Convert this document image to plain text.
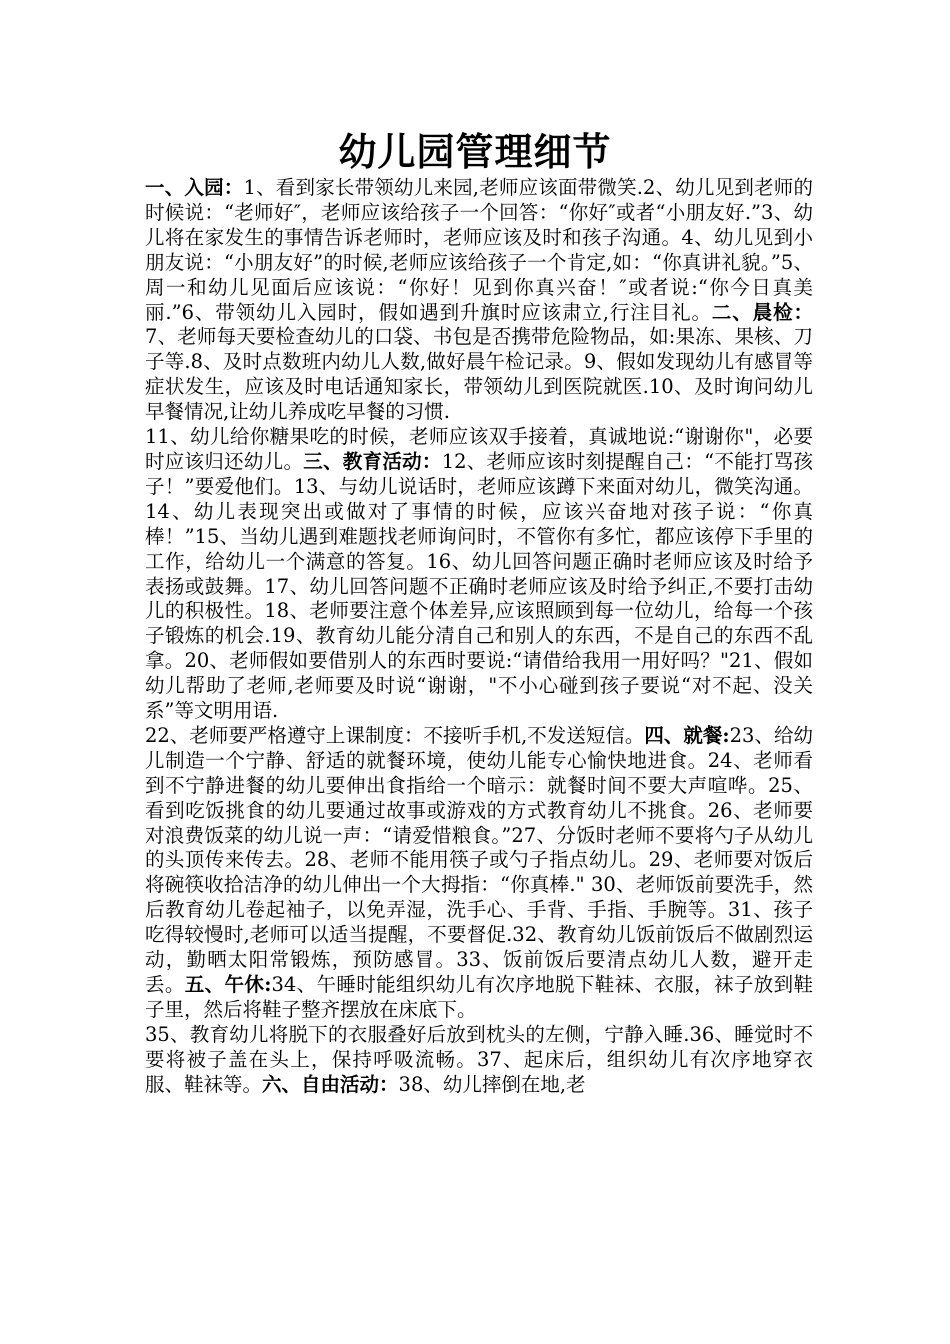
幼儿园管理细节

一、入园：1、看到家长带领幼儿来园,老师应该面带微笑.2、幼儿见到老师的时候说：“老师好″，老师应该给孩子一个回答：“你好″或者“小朋友好.”3、幼儿将在家发生的事情告诉老师时，老师应该及时和孩子沟通。4、幼儿见到小朋友说：“小朋友好”的时候,老师应该给孩子一个肯定,如：“你真讲礼貌。”5、周一和幼儿见面后应该说：“你好！见到你真兴奋！″或者说:“你今日真美丽.”6、带领幼儿入园时，假如遇到升旗时应该肃立,行注目礼。二、晨检：7、老师每天要检查幼儿的口袋、书包是否携带危险物品，如:果冻、果核、刀子等.8、及时点数班内幼儿人数,做好晨午检记录。9、假如发现幼儿有感冒等症状发生，应该及时电话通知家长，带领幼儿到医院就医.10、及时询问幼儿早餐情况,让幼儿养成吃早餐的习惯.

11、幼儿给你糖果吃的时候，老师应该双手接着，真诚地说:“谢谢你"，必要时应该归还幼儿。三、教育活动：12、老师应该时刻提醒自己：“不能打骂孩子！”要爱他们。13、与幼儿说话时，老师应该蹲下来面对幼儿，微笑沟通。14、幼儿表现突出或做对了事情的时候，应该兴奋地对孩子说：“你真棒！”15、当幼儿遇到难题找老师询问时，不管你有多忙，都应该停下手里的工作，给幼儿一个满意的答复。16、幼儿回答问题正确时老师应该及时给予表扬或鼓舞。17、幼儿回答问题不正确时老师应该及时给予纠正,不要打击幼儿的积极性。18、老师要注意个体差异,应该照顾到每一位幼儿，给每一个孩子锻炼的机会.19、教育幼儿能分清自己和别人的东西，不是自己的东西不乱拿。20、老师假如要借别人的东西时要说:“请借给我用一用好吗？"21、假如幼儿帮助了老师,老师要及时说“谢谢，"不小心碰到孩子要说“对不起、没关系”等文明用语.

22、老师要严格遵守上课制度：不接听手机,不发送短信。四、就餐:23、给幼儿制造一个宁静、舒适的就餐环境，使幼儿能专心愉快地进食。24、老师看到不宁静进餐的幼儿要伸出食指给一个暗示：就餐时间不要大声喧哗。25、看到吃饭挑食的幼儿要通过故事或游戏的方式教育幼儿不挑食。26、老师要对浪费饭菜的幼儿说一声：“请爱惜粮食。”27、分饭时老师不要将勺子从幼儿的头顶传来传去。28、老师不能用筷子或勺子指点幼儿。29、老师要对饭后将碗筷收拾洁净的幼儿伸出一个大拇指：“你真棒." 30、老师饭前要洗手，然后教育幼儿卷起袖子，以免弄湿，洗手心、手背、手指、手腕等。31、孩子吃得较慢时,老师可以适当提醒，不要督促.32、教育幼儿饭前饭后不做剧烈运动，勤晒太阳常锻炼，预防感冒。33、饭前饭后要清点幼儿人数，避开走丢。五、午休:34、午睡时能组织幼儿有次序地脱下鞋袜、衣服，袜子放到鞋子里，然后将鞋子整齐摆放在床底下。

35、教育幼儿将脱下的衣服叠好后放到枕头的左侧，宁静入睡.36、睡觉时不要将被子盖在头上，保持呼吸流畅。37、起床后，组织幼儿有次序地穿衣服、鞋袜等。六、自由活动：38、幼儿摔倒在地,老
